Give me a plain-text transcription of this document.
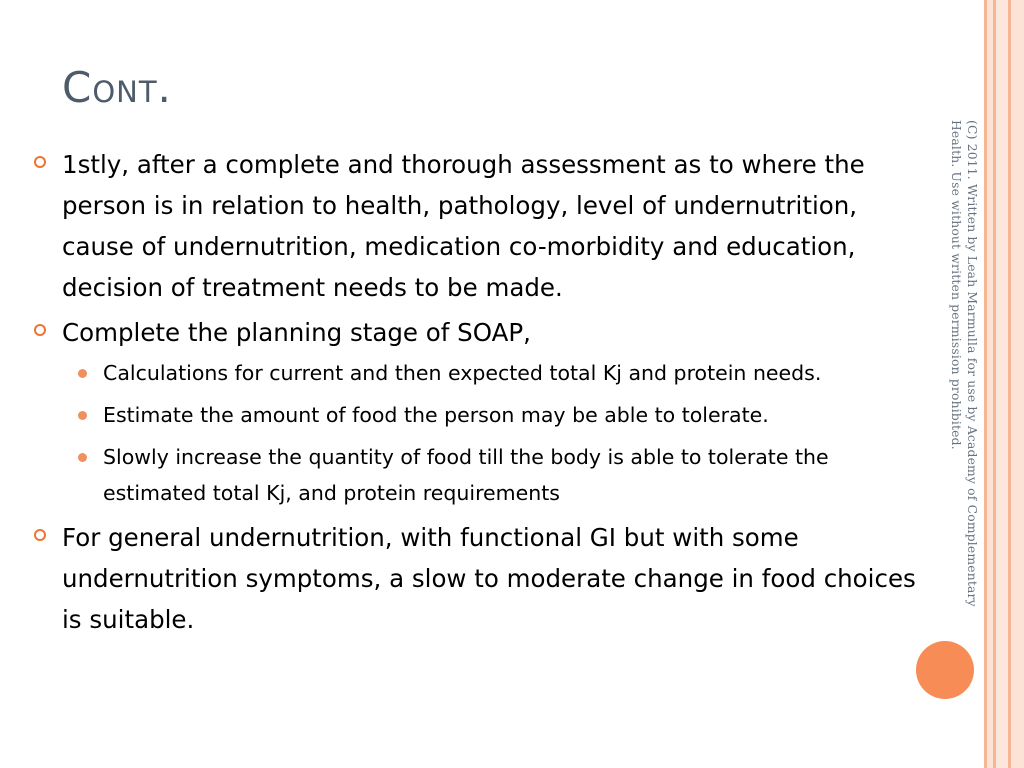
Cont.
(C) 2011. Written by Leah Marmulla for use by Academy of Complementary Health. Use without written permission prohibited.
1stly, after a complete and thorough assessment as to where the person is in relation to health, pathology, level of undernutrition, cause of undernutrition, medication co-morbidity and education, decision of treatment needs to be made.
Complete the planning stage of SOAP,
Calculations for current and then expected total Kj and protein needs.
Estimate the amount of food the person may be able to tolerate.
Slowly increase the quantity of food till the body is able to tolerate the estimated total Kj, and protein requirements
For general undernutrition, with functional GI but with some undernutrition symptoms, a slow to moderate change in food choices is suitable.
